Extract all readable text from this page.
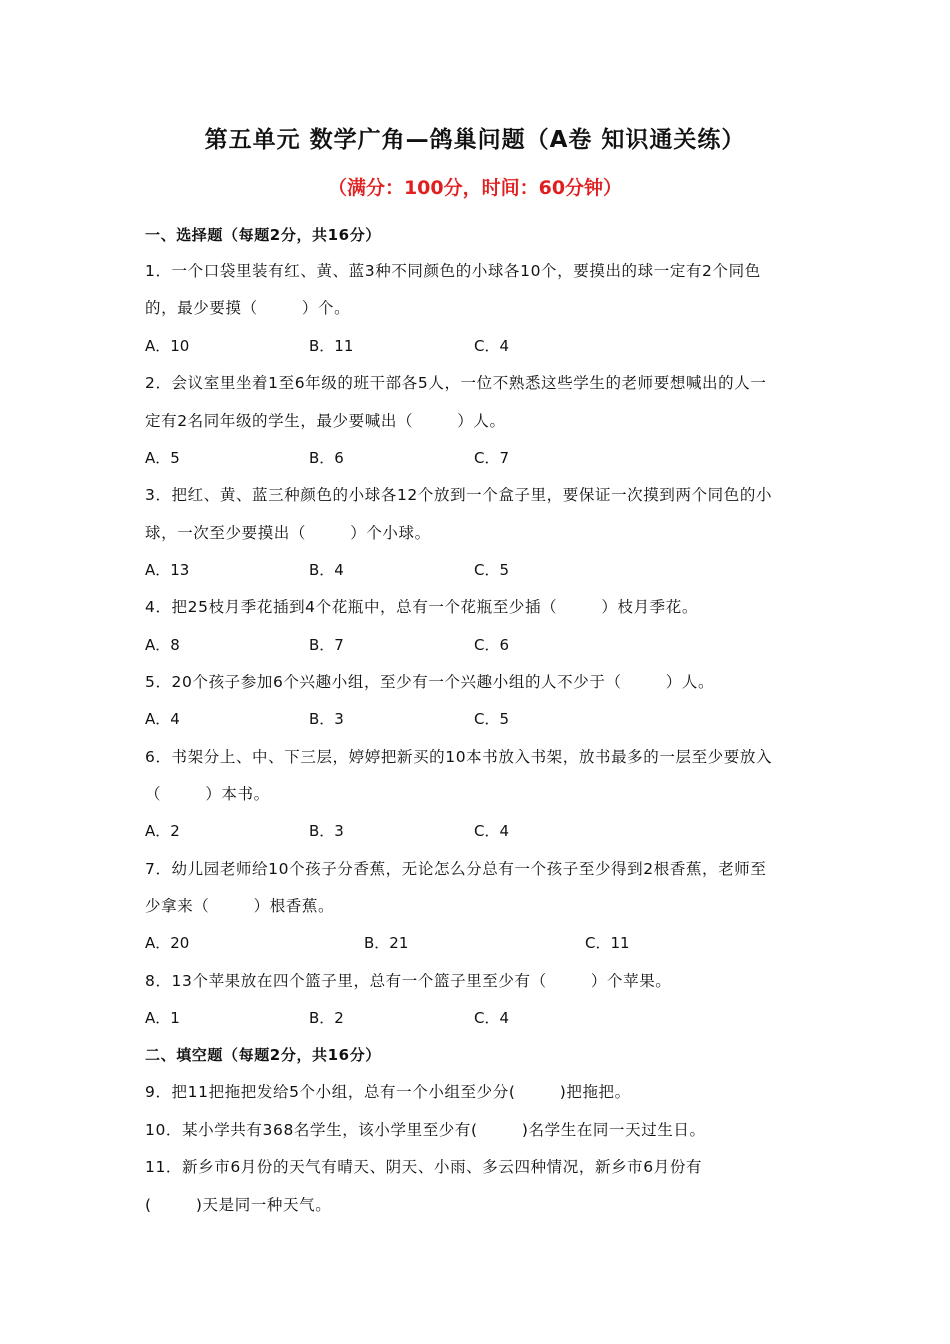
第五单元 数学广角—鸽巢问题（A卷 知识通关练）
（满分：100分，时间：60分钟）
一、选择题（每题2分，共16分）
1．一个口袋里装有红、黄、蓝3种不同颜色的小球各10个，要摸出的球一定有2个同色
的，最少要摸（        ）个。
A．10	B．11	C．4
2．会议室里坐着1至6年级的班干部各5人，一位不熟悉这些学生的老师要想喊出的人一
定有2名同年级的学生，最少要喊出（        ）人。
A．5	B．6	C．7
3．把红、黄、蓝三种颜色的小球各12个放到一个盒子里，要保证一次摸到两个同色的小
球，一次至少要摸出（        ）个小球。
A．13	B．4	C．5
4．把25枝月季花插到4个花瓶中，总有一个花瓶至少插（        ）枝月季花。
A．8	B．7	C．6
5．20个孩子参加6个兴趣小组，至少有一个兴趣小组的人不少于（        ）人。
A．4	B．3	C．5
6．书架分上、中、下三层，婷婷把新买的10本书放入书架，放书最多的一层至少要放入
（        ）本书。
A．2	B．3	C．4
7．幼儿园老师给10个孩子分香蕉，无论怎么分总有一个孩子至少得到2根香蕉，老师至
少拿来（        ）根香蕉。
A．20	B．21	C．11
8．13个苹果放在四个篮子里，总有一个篮子里至少有（        ）个苹果。
A．1	B．2	C．4
二、填空题（每题2分，共16分）
9．把11把拖把发给5个小组，总有一个小组至少分(        )把拖把。
10．某小学共有368名学生，该小学里至少有(        )名学生在同一天过生日。
11．新乡市6月份的天气有晴天、阴天、小雨、多云四种情况，新乡市6月份有
(        )天是同一种天气。
